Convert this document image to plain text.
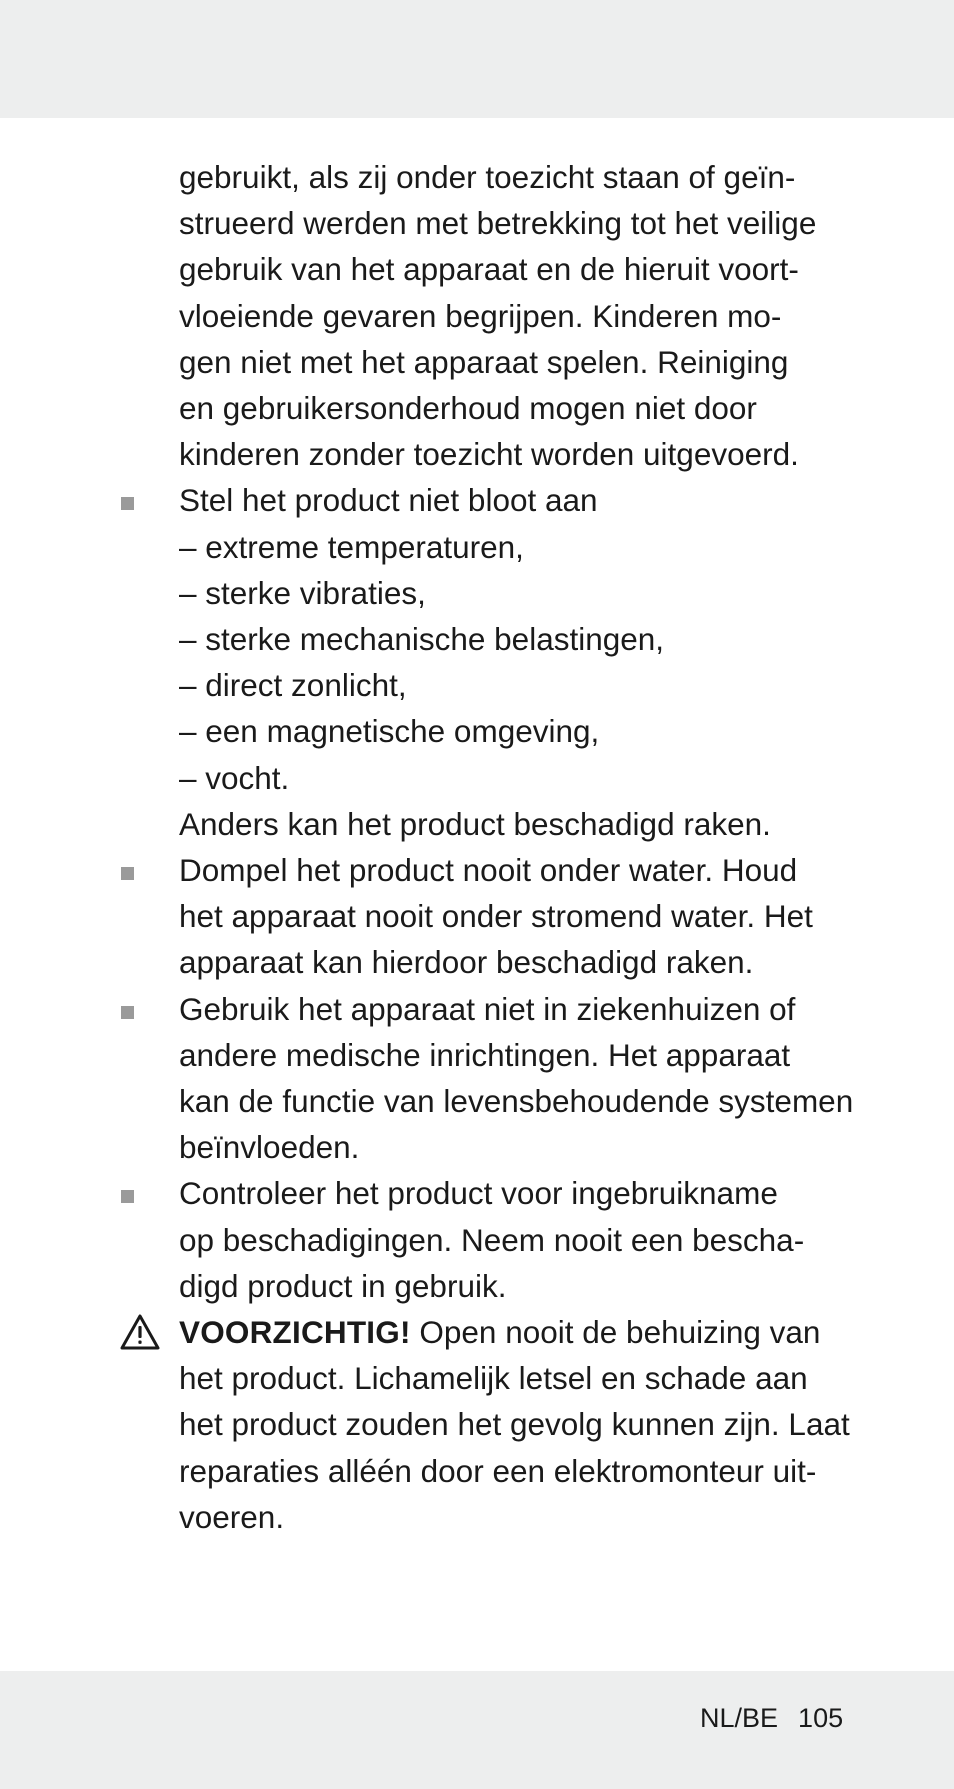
gebruikt, als zij onder toezicht staan of geïn-
strueerd werden met betrekking tot het veilige
gebruik van het apparaat en de hieruit voort-
vloeiende gevaren begrijpen. Kinderen mo-
gen niet met het apparaat spelen. Reiniging
en gebruikersonderhoud mogen niet door
kinderen zonder toezicht worden uitgevoerd.
Stel het product niet bloot aan
– extreme temperaturen,
– sterke vibraties,
– sterke mechanische belastingen,
– direct zonlicht,
– een magnetische omgeving,
– vocht.
Anders kan het product beschadigd raken.
Dompel het product nooit onder water. Houd
het apparaat nooit onder stromend water. Het
apparaat kan hierdoor beschadigd raken.
Gebruik het apparaat niet in ziekenhuizen of
andere medische inrichtingen. Het apparaat
kan de functie van levensbehoudende systemen
beïnvloeden.
Controleer het product voor ingebruikname
op beschadigingen. Neem nooit een bescha-
digd product in gebruik.
VOORZICHTIG! Open nooit de behuizing van
het product. Lichamelijk letsel en schade aan
het product zouden het gevolg kunnen zijn. Laat
reparaties alléén door een elektromonteur uit-
voeren.
NL/BE 105
